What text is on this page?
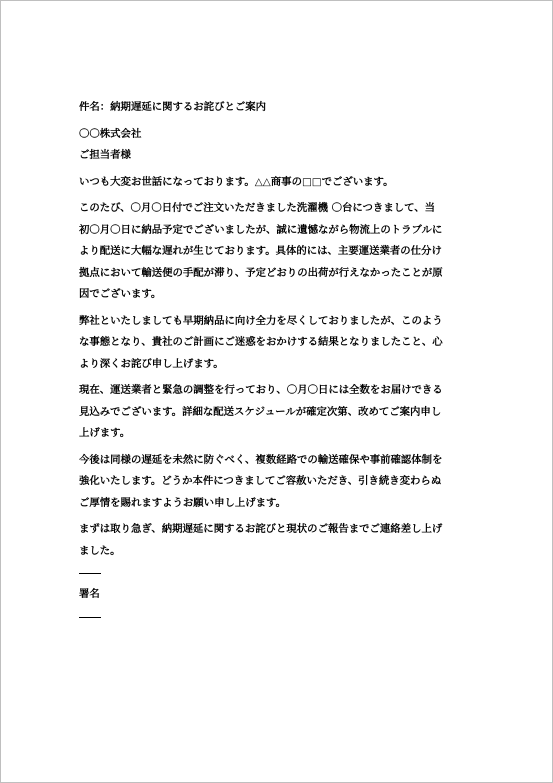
件名：納期遅延に関するお詫びとご案内

〇〇株式会社

ご担当者様

いつも大変お世話になっております。△△商事の□□でございます。

このたび、〇月〇日付でご注文いただきました洗濯機 〇台につきまして、当
初〇月〇日に納品予定でございましたが、誠に遺憾ながら物流上のトラブルに
より配送に大幅な遅れが生じております。具体的には、主要運送業者の仕分け
拠点において輸送便の手配が滞り、予定どおりの出荷が行えなかったことが原
因でございます。

弊社といたしましても早期納品に向け全力を尽くしておりましたが、このよう
な事態となり、貴社のご計画にご迷惑をおかけする結果となりましたこと、心
より深くお詫び申し上げます。

現在、運送業者と緊急の調整を行っており、〇月〇日には全数をお届けできる
見込みでございます。詳細な配送スケジュールが確定次第、改めてご案内申し
上げます。

今後は同様の遅延を未然に防ぐべく、複数経路での輸送確保や事前確認体制を
強化いたします。どうか本件につきましてご容赦いただき、引き続き変わらぬ
ご厚情を賜れますようお願い申し上げます。

まずは取り急ぎ、納期遅延に関するお詫びと現状のご報告までご連絡差し上げ
ました。

署名
